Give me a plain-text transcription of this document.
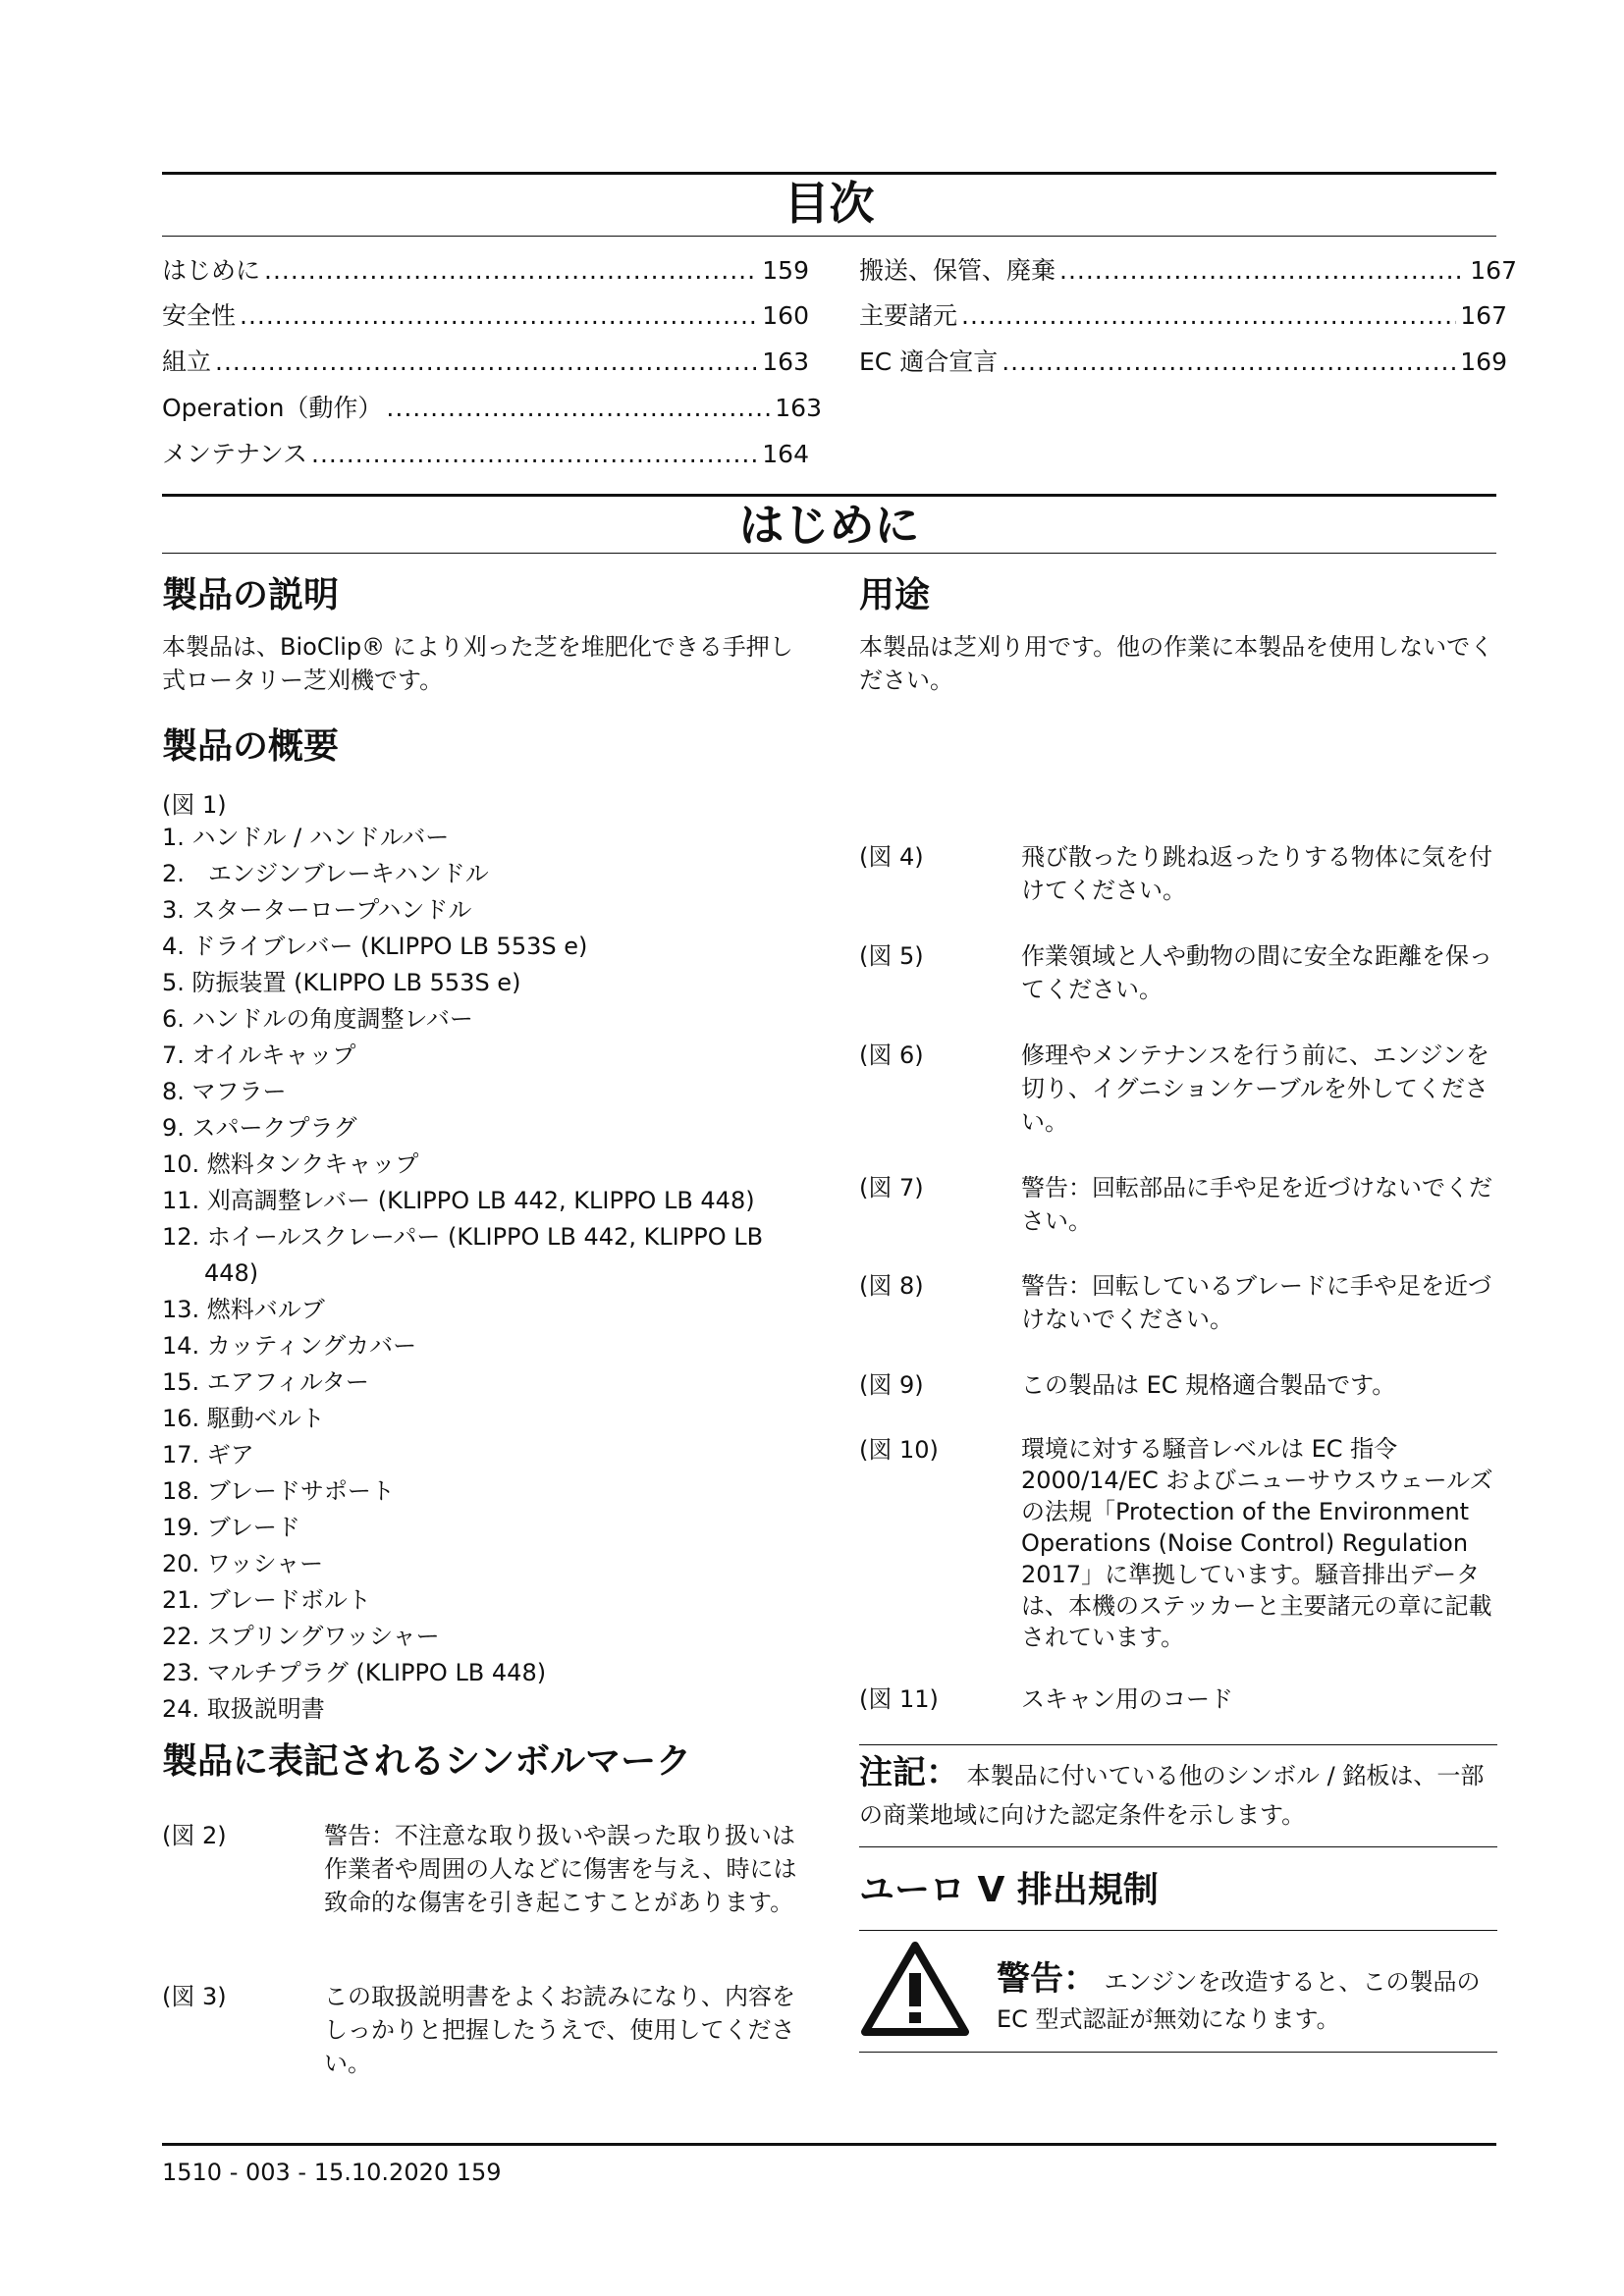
目次
はじめに .....	159
安全性 .....	160
組立 .....	163
Operation（動作） .....	163
メンテナンス .....	164
搬送、保管、廃棄 .....	167
主要諸元 .....	167
EC 適合宣言 .....	169
はじめに
製品の説明
本製品は、BioClip® により刈った芝を堆肥化できる手押し式ロータリー芝刈機です。
製品の概要
(図 1)
1. ハンドル / ハンドルバー
2.　エンジンブレーキハンドル
3. スターターロープハンドル
4. ドライブレバー (KLIPPO LB 553S e)
5. 防振装置 (KLIPPO LB 553S e)
6. ハンドルの角度調整レバー
7. オイルキャップ
8. マフラー
9. スパークプラグ
10. 燃料タンクキャップ
11. 刈高調整レバー (KLIPPO LB 442, KLIPPO LB 448)
12. ホイールスクレーパー (KLIPPO LB 442, KLIPPO LB 448)
13. 燃料バルブ
14. カッティングカバー
15. エアフィルター
16. 駆動ベルト
17. ギア
18. ブレードサポート
19. ブレード
20. ワッシャー
21. ブレードボルト
22. スプリングワッシャー
23. マルチプラグ (KLIPPO LB 448)
24. 取扱説明書
製品に表記されるシンボルマーク
(図 2)	警告：不注意な取り扱いや誤った取り扱いは作業者や周囲の人などに傷害を与え、時には致命的な傷害を引き起こすことがあります。
(図 3)	この取扱説明書をよくお読みになり、内容をしっかりと把握したうえで、使用してください。
用途
本製品は芝刈り用です。他の作業に本製品を使用しないでください。
(図 4)	飛び散ったり跳ね返ったりする物体に気を付けてください。
(図 5)	作業領域と人や動物の間に安全な距離を保ってください。
(図 6)	修理やメンテナンスを行う前に、エンジンを切り、イグニションケーブルを外してください。
(図 7)	警告：回転部品に手や足を近づけないでください。
(図 8)	警告：回転しているブレードに手や足を近づけないでください。
(図 9)	この製品は EC 規格適合製品です。
(図 10)	環境に対する騒音レベルは EC 指令 2000/14/EC およびニューサウスウェールズの法規「Protection of the Environment Operations (Noise Control) Regulation 2017」に準拠しています。騒音排出データは、本機のステッカーと主要諸元の章に記載されています。
(図 11)	スキャン用のコード
注記： 本製品に付いている他のシンボル / 銘板は、一部の商業地域に向けた認定条件を示します。
ユーロ V 排出規制
警告： エンジンを改造すると、この製品の EC 型式認証が無効になります。
1510 - 003 - 15.10.2020 159
